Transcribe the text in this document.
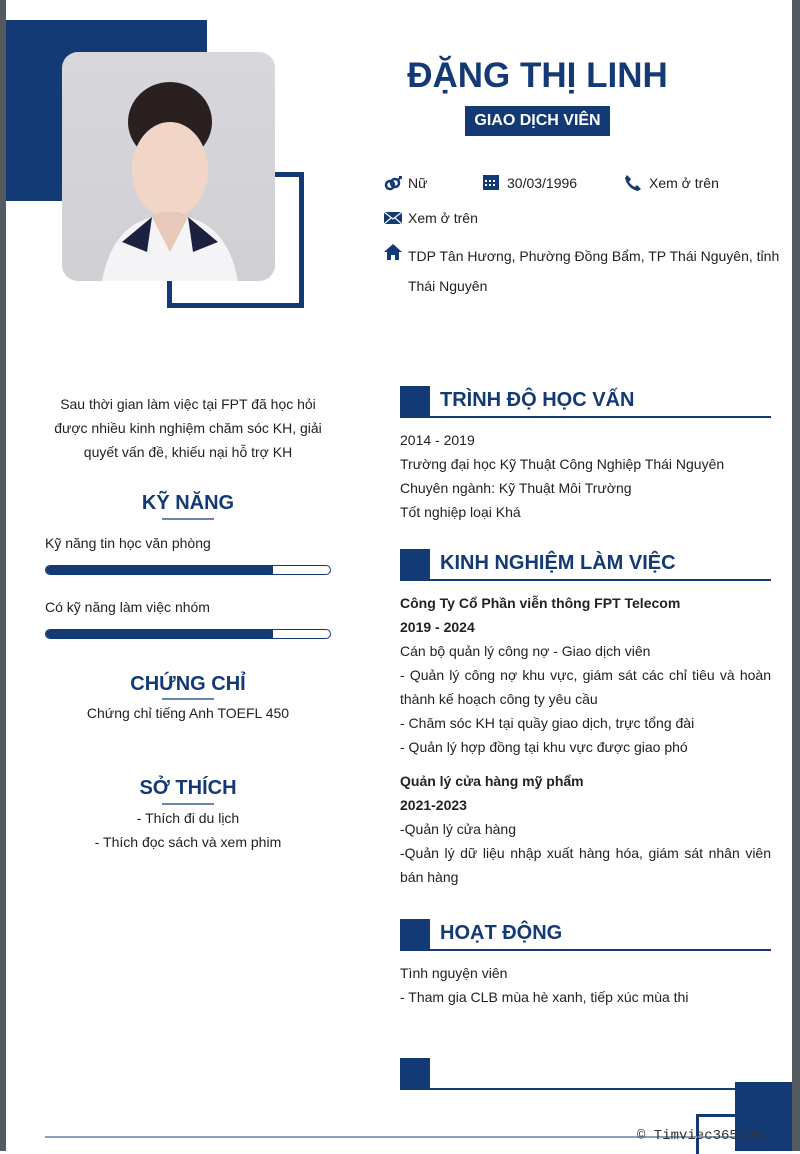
ĐẶNG THỊ LINH
GIAO DỊCH VIÊN
Nữ	30/03/1996	Xem ở trên
Xem ở trên
TDP Tân Hương, Phường Đồng Bẩm, TP Thái Nguyên, tỉnh
Thái Nguyên
Sau thời gian làm việc tại FPT đã học hỏi
được nhiều kinh nghiệm chăm sóc KH, giải
quyết vấn đề, khiếu nại hỗ trợ KH
KỸ NĂNG
Kỹ năng tin học văn phòng
Có kỹ năng làm việc nhóm
CHỨNG CHỈ
Chứng chỉ tiếng Anh TOEFL 450
SỞ THÍCH
- Thích đi du lịch
- Thích đọc sách và xem phim
TRÌNH ĐỘ HỌC VẤN
2014 - 2019
Trường đại học Kỹ Thuật Công Nghiệp Thái Nguyên
Chuyên ngành: Kỹ Thuật Môi Trường
Tốt nghiệp loại Khá
KINH NGHIỆM LÀM VIỆC
Công Ty Cổ Phần viễn thông FPT Telecom
2019 - 2024
Cán bộ quản lý công nợ - Giao dịch viên
- Quản lý công nợ khu vực, giám sát các chỉ tiêu và hoàn thành kế hoạch công ty yêu cầu
- Chăm sóc KH tại quầy giao dịch, trực tổng đài
- Quản lý hợp đồng tại khu vực được giao phó
Quản lý cửa hàng mỹ phẩm
2021-2023
-Quản lý cửa hàng
-Quản lý dữ liệu nhập xuất hàng hóa, giám sát nhân viên bán hàng
HOẠT ĐỘNG
Tình nguyện viên
- Tham gia CLB mùa hè xanh, tiếp xúc mùa thi
© Timviec365.vn
